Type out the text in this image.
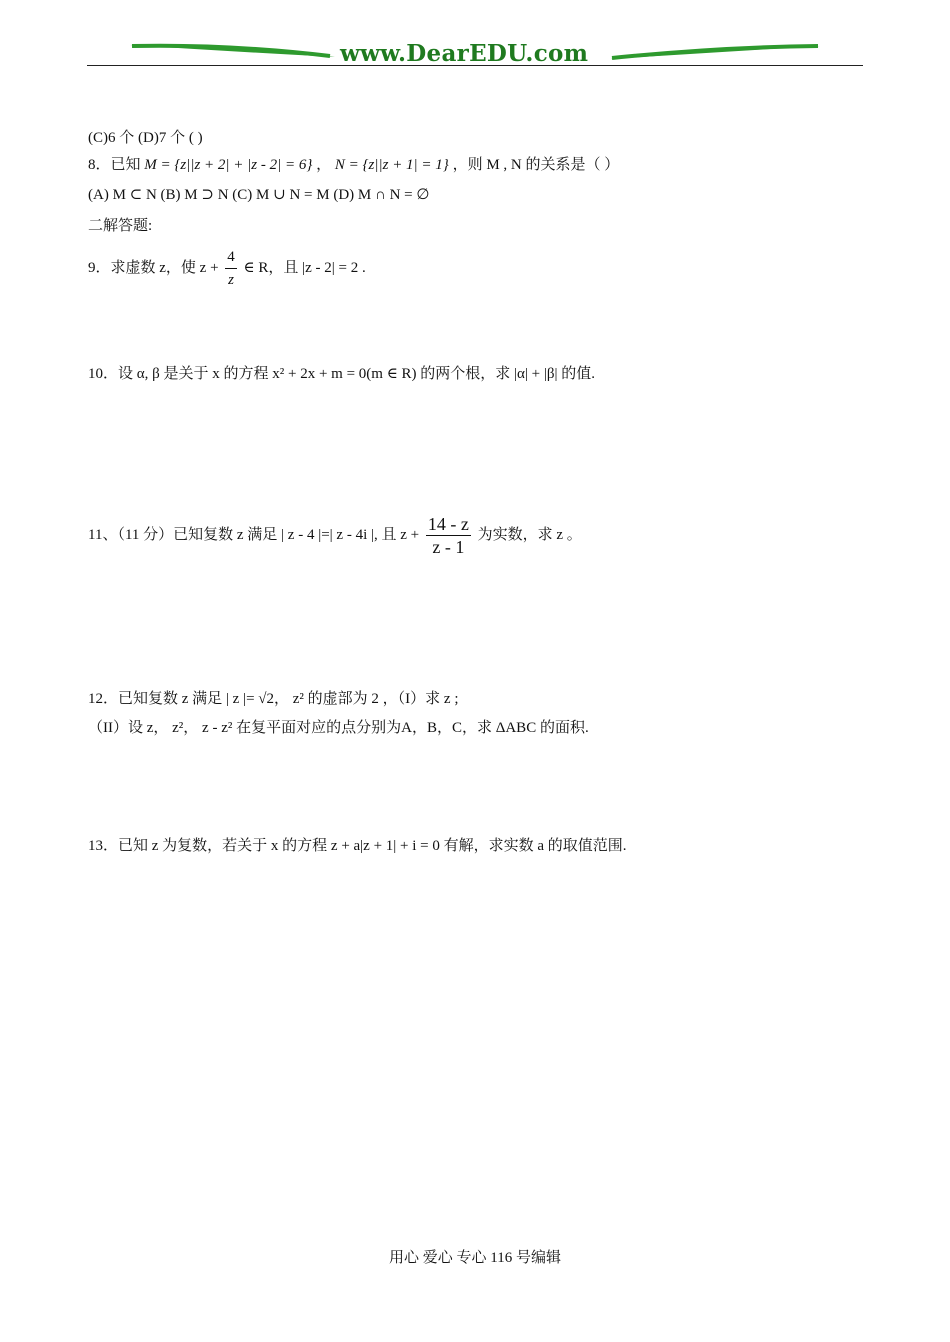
www.DearEDU.com
(C)6 个 (D)7 个 ( )
8．已知 M = {z||z + 2| + |z - 2| = 6} ， N = {z||z + 1| = 1} ，则 M , N 的关系是（ ）
(A) M ⊂ N (B) M ⊃ N (C) M ∪ N = M (D) M ∩ N = ∅
二解答题:
9．求虚数 z，使 $z + \frac{4}{z}$ ∈ R，且 |z - 2| = 2 .
10．设 α, β 是关于 x 的方程 x² + 2x + m = 0(m ∈ R) 的两个根，求 |α| + |β| 的值.
11、（11 分）已知复数 z 满足 | z - 4 |=| z - 4i |, 且 $z + \frac{14 - z}{z - 1}$ 为实数，求 z 。
12．已知复数 z 满足 | z |= √2， z² 的虚部为 2 ，（I）求 z ;
（II）设 z， z²， z - z² 在复平面对应的点分别为A，B，C，求 ΔABC 的面积.
13．已知 z 为复数，若关于 x 的方程 z + a|z + 1| + i = 0 有解，求实数 a 的取值范围.
用心 爱心 专心 116 号编辑
